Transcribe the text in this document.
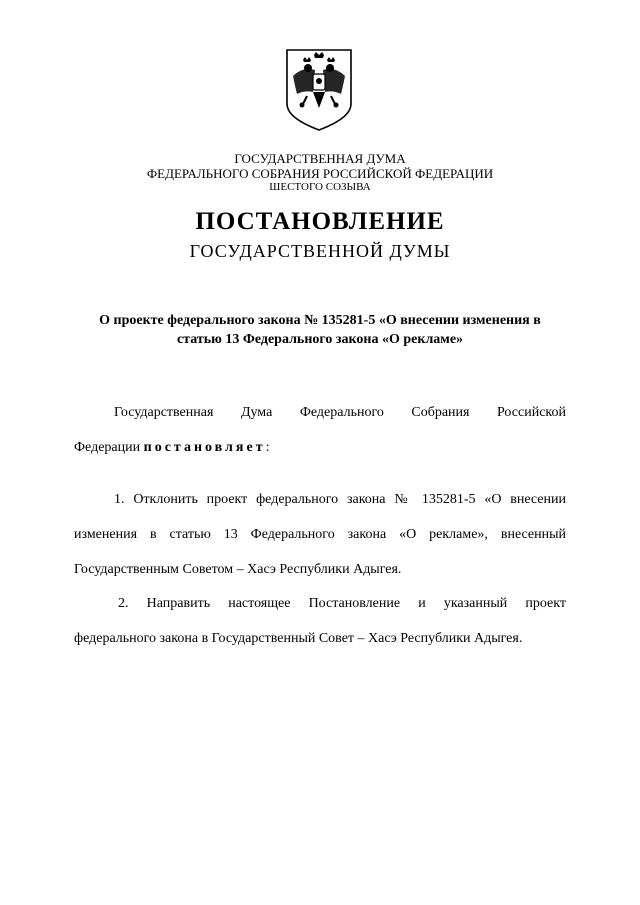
ГОСУДАРСТВЕННАЯ ДУМА
ФЕДЕРАЛЬНОГО СОБРАНИЯ РОССИЙСКОЙ ФЕДЕРАЦИИ
ШЕСТОГО СОЗЫВА
ПОСТАНОВЛЕНИЕ
ГОСУДАРСТВЕННОЙ ДУМЫ
О проекте федерального закона № 135281-5 «О внесении изменения в
статью 13 Федерального закона «О рекламе»
Государственная Дума Федерального Собрания Российской
Федерации постановляет:
1. Отклонить проект федерального закона № 135281-5 «О внесении
изменения в статью 13 Федерального закона «О рекламе», внесенный
Государственным Советом – Хасэ Республики Адыгея.
2. Направить настоящее Постановление и указанный проект
федерального закона в Государственный Совет – Хасэ Республики Адыгея.
